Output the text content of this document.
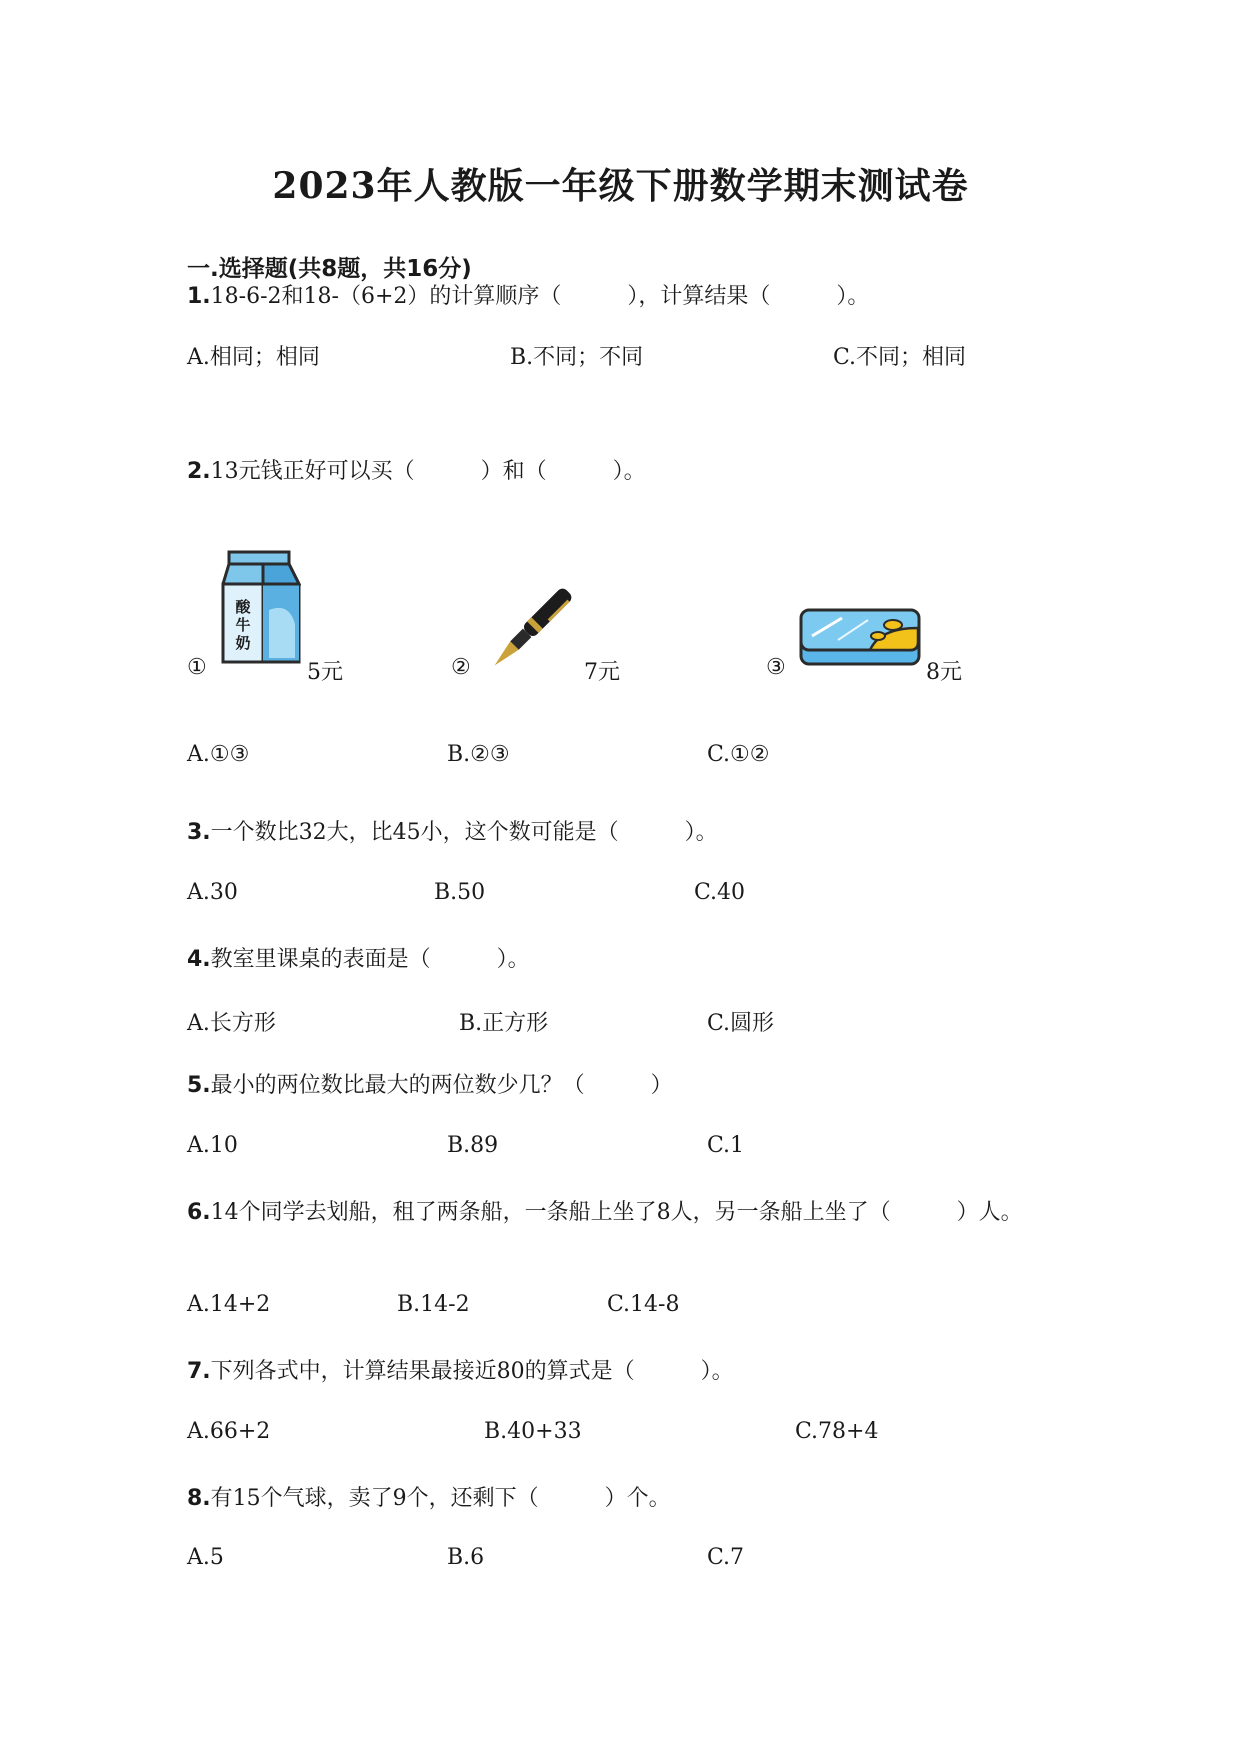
2023年人教版一年级下册数学期末测试卷
一.选择题(共8题，共16分)
1.18-6-2和18-（6+2）的计算顺序（　　　），计算结果（　　　）。
A.相同；相同	B.不同；不同	C.不同；相同
2.13元钱正好可以买（　　　）和（　　　）。
①
酸
牛
奶
5元	②	7元	③	8元
A.①③	B.②③	C.①②
3.一个数比32大，比45小，这个数可能是（　　　）。
A.30	B.50	C.40
4.教室里课桌的表面是（　　　）。
A.长方形	B.正方形	C.圆形
5.最小的两位数比最大的两位数少几？（　　　）
A.10	B.89	C.1
6.14个同学去划船，租了两条船，一条船上坐了8人，另一条船上坐了（　　　）人。
A.14+2	B.14-2	C.14-8
7.下列各式中，计算结果最接近80的算式是（　　　）。
A.66+2	B.40+33	C.78+4
8.有15个气球，卖了9个，还剩下（　　　）个。
A.5	B.6	C.7
